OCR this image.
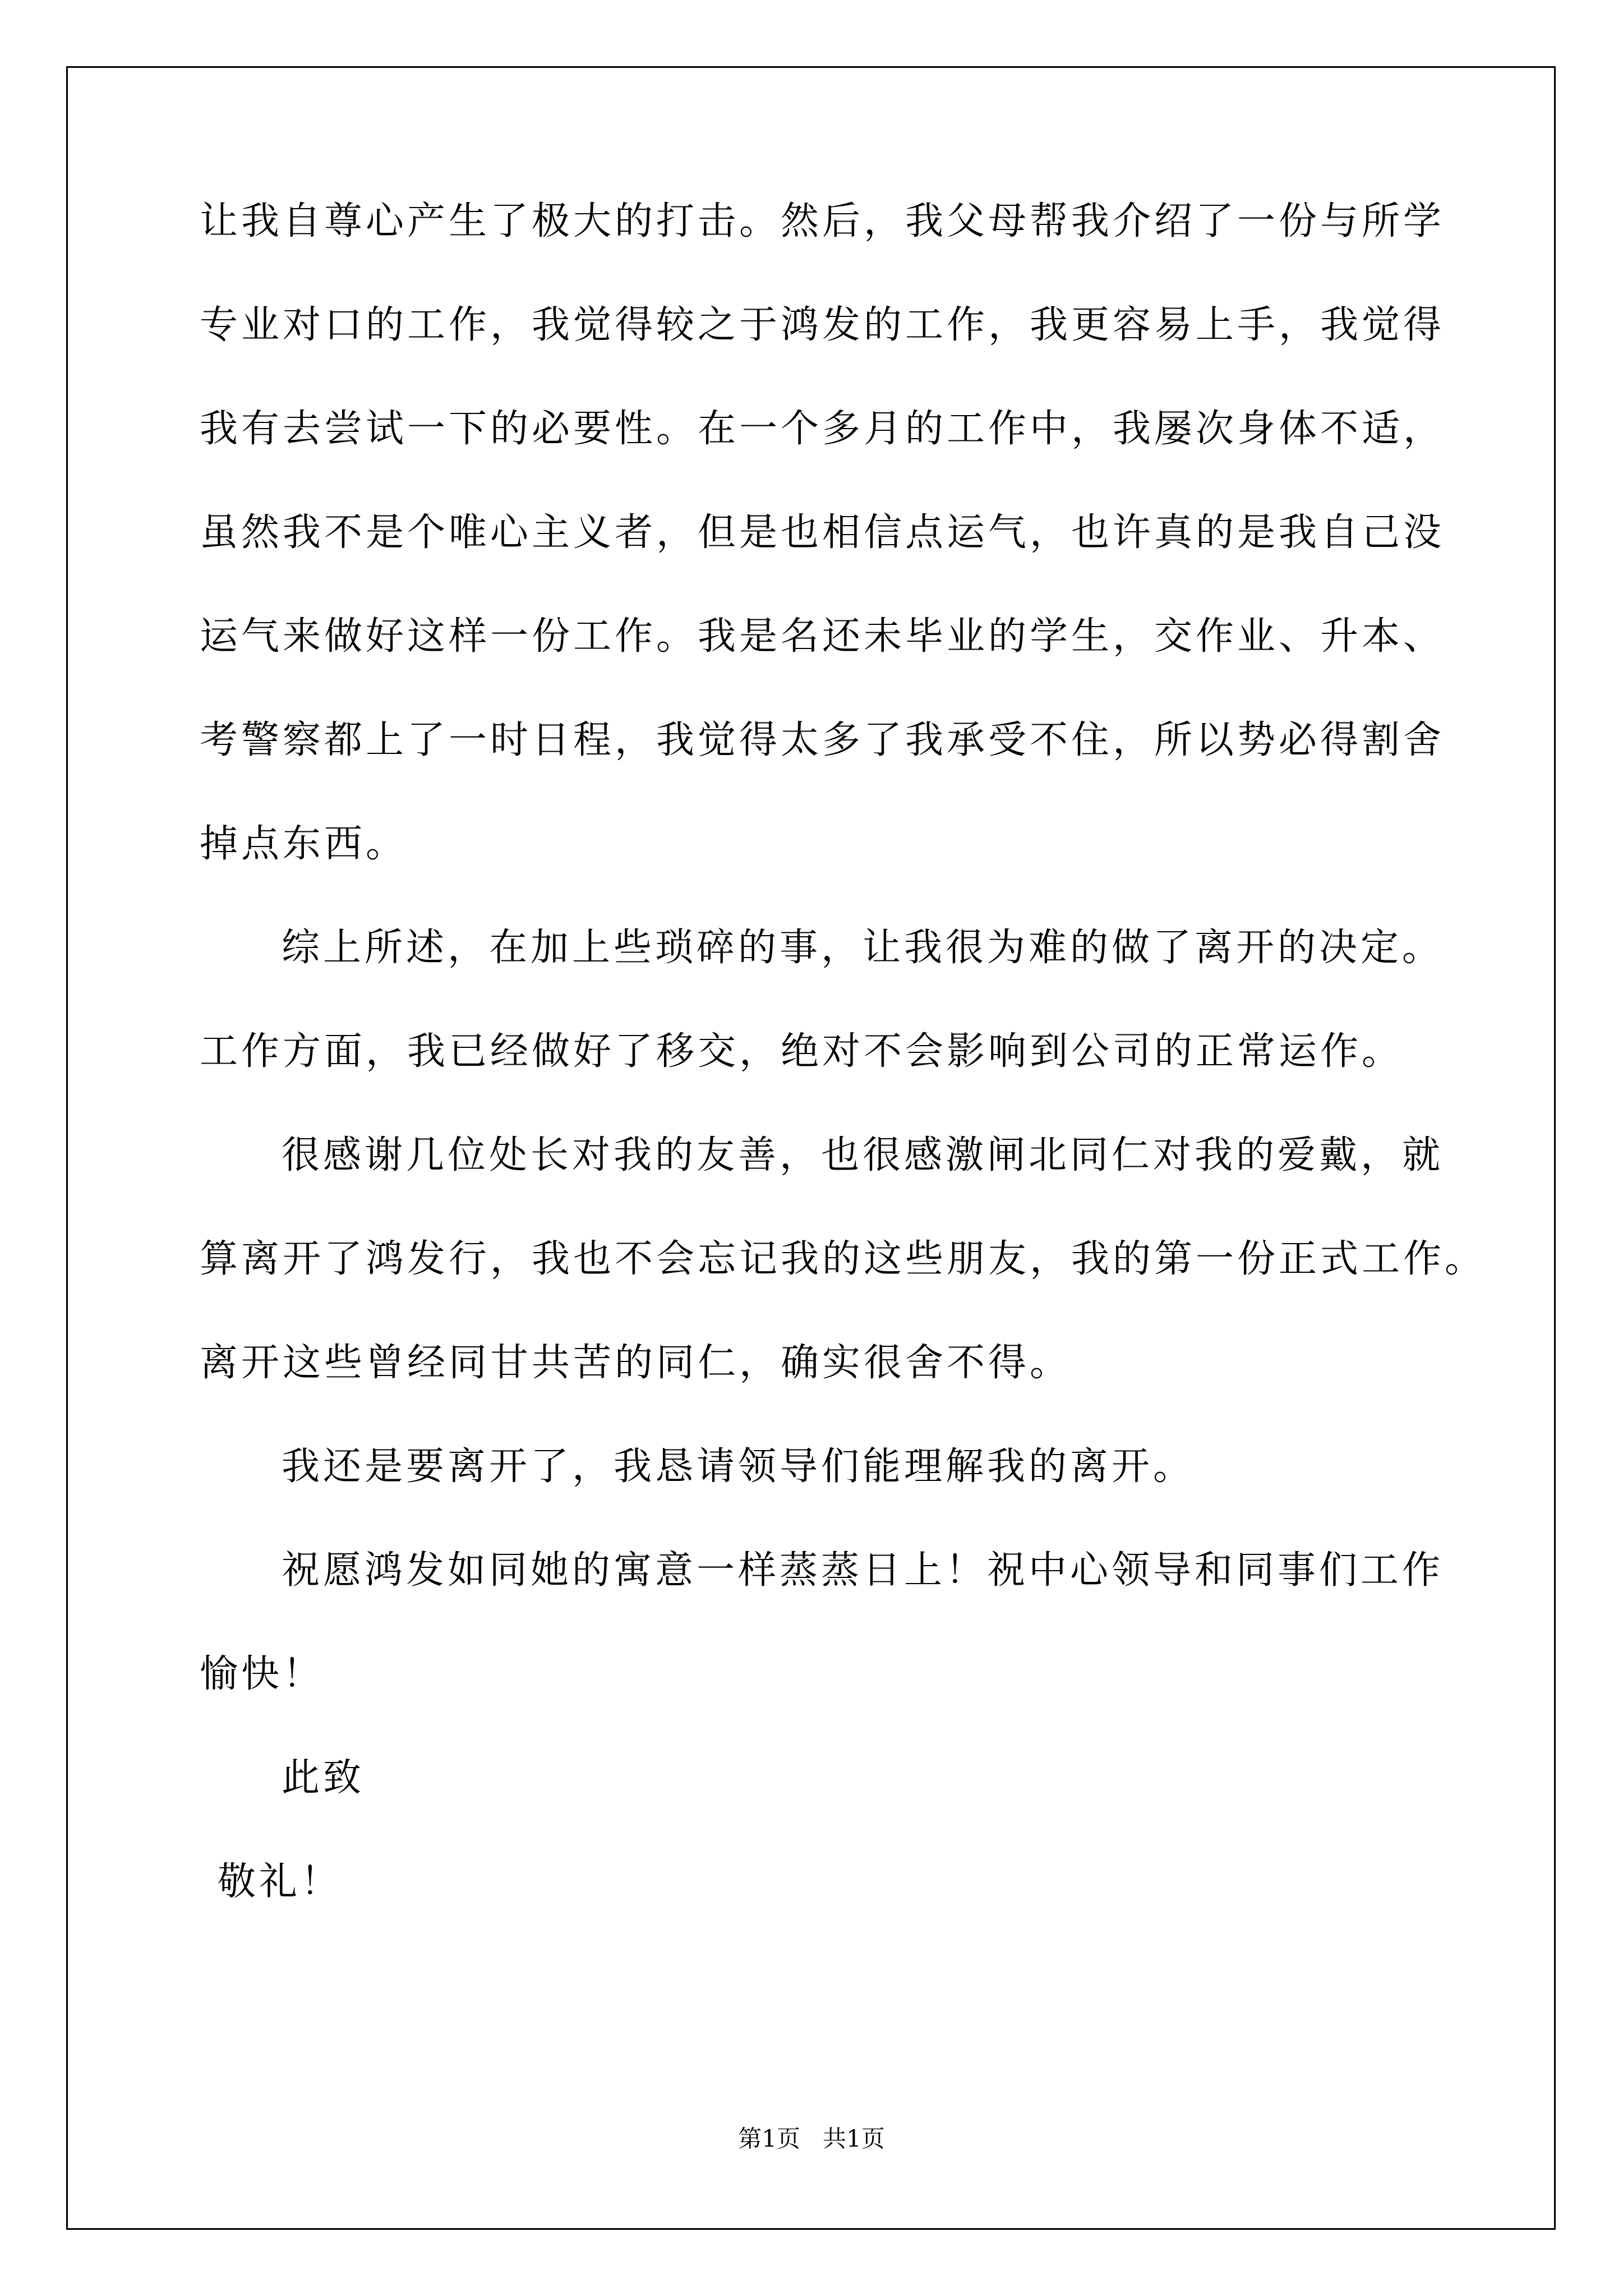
让我自尊心产生了极大的打击。然后，我父母帮我介绍了一份与所学
专业对口的工作，我觉得较之于鸿发的工作，我更容易上手，我觉得
我有去尝试一下的必要性。在一个多月的工作中，我屡次身体不适，
虽然我不是个唯心主义者，但是也相信点运气，也许真的是我自己没
运气来做好这样一份工作。我是名还未毕业的学生，交作业、升本、
考警察都上了一时日程，我觉得太多了我承受不住，所以势必得割舍
掉点东西。
综上所述，在加上些琐碎的事，让我很为难的做了离开的决定。
工作方面，我已经做好了移交，绝对不会影响到公司的正常运作。
很感谢几位处长对我的友善，也很感激闸北同仁对我的爱戴，就
算离开了鸿发行，我也不会忘记我的这些朋友，我的第一份正式工作。
离开这些曾经同甘共苦的同仁，确实很舍不得。
我还是要离开了，我恳请领导们能理解我的离开。
祝愿鸿发如同她的寓意一样蒸蒸日上！祝中心领导和同事们工作
愉快！
此致
敬礼！
第1页   共1页
